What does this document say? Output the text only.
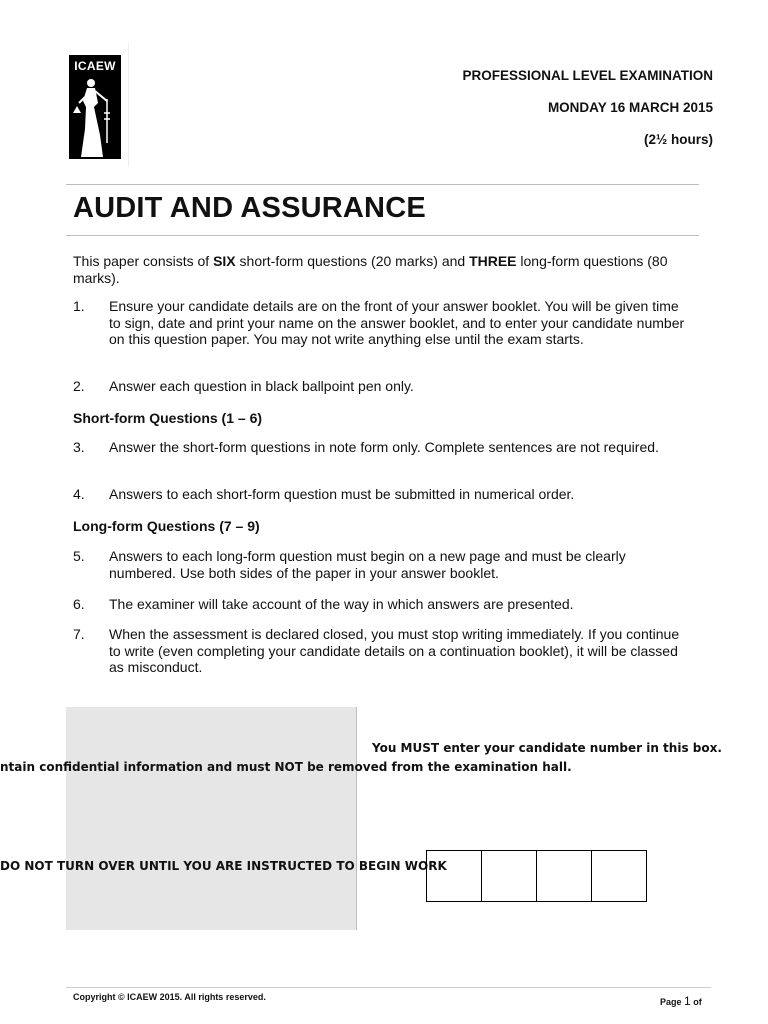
ICAEW
PROFESSIONAL LEVEL EXAMINATION
MONDAY 16 MARCH 2015
(2½ hours)
AUDIT AND ASSURANCE
This paper consists of SIX short-form questions (20 marks) and THREE long-form questions (80 marks).
1.	Ensure your candidate details are on the front of your answer booklet. You will be given time to sign, date and print your name on the answer booklet, and to enter your candidate number on this question paper. You may not write anything else until the exam starts.
2.	Answer each question in black ballpoint pen only.
Short-form Questions (1 – 6)
3.	Answer the short-form questions in note form only. Complete sentences are not required.
4.	Answers to each short-form question must be submitted in numerical order.
Long-form Questions (7 – 9)
5.	Answers to each long-form question must begin on a new page and must be clearly numbered. Use both sides of the paper in your answer booklet.
6.	The examiner will take account of the way in which answers are presented.
7.	When the assessment is declared closed, you must stop writing immediately. If you continue to write (even completing your candidate details on a continuation booklet), it will be classed as misconduct.
You MUST enter your candidate number in this box.
ntain confidential information and must NOT be removed from the examination hall.
DO NOT TURN OVER UNTIL YOU ARE INSTRUCTED TO BEGIN WORK
Copyright © ICAEW 2015. All rights reserved.	Page 1 of
